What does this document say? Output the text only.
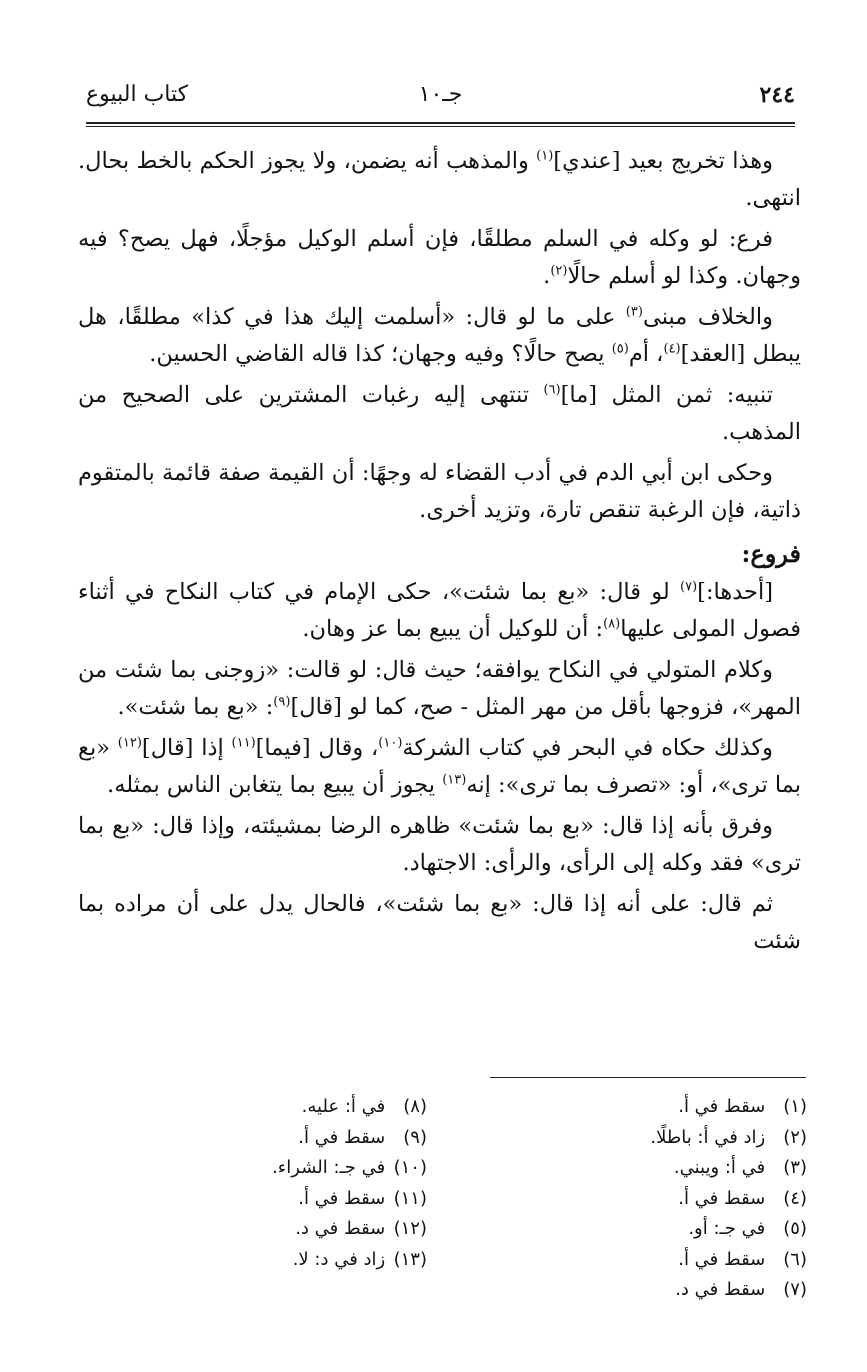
٢٤٤
جـ١٠
كتاب البيوع

وهذا تخريج بعيد [عندي]$^{(١)}$ والمذهب أنه يضمن، ولا يجوز الحكم بالخط بحال. انتهى.

فرع: لو وكله في السلم مطلقًا، فإن أسلم الوكيل مؤجلًا، فهل يصح؟ فيه وجهان. وكذا لو أسلم حالًا$^{(٢)}$.

والخلاف مبنى$^{(٣)}$ على ما لو قال: «أسلمت إليك هذا في كذا» مطلقًا، هل يبطل [العقد]$^{(٤)}$، أم$^{(٥)}$ يصح حالًا؟ وفيه وجهان؛ كذا قاله القاضي الحسين.

تنبيه: ثمن المثل [ما]$^{(٦)}$ تنتهى إليه رغبات المشترين على الصحيح من المذهب.

وحكى ابن أبي الدم في أدب القضاء له وجهًا: أن القيمة صفة قائمة بالمتقوم ذاتية، فإن الرغبة تنقص تارة، وتزيد أخرى.

فروع:

[أحدها:]$^{(٧)}$ لو قال: «بع بما شئت»، حكى الإمام في كتاب النكاح في أثناء فصول المولى عليها$^{(٨)}$: أن للوكيل أن يبيع بما عز وهان.

وكلام المتولي في النكاح يوافقه؛ حيث قال: لو قالت: «زوجنى بما شئت من المهر»، فزوجها بأقل من مهر المثل - صح، كما لو [قال]$^{(٩)}$: «بع بما شئت».

وكذلك حكاه في البحر في كتاب الشركة$^{(١٠)}$، وقال [فيما]$^{(١١)}$ إذا [قال]$^{(١٢)}$ «بع بما ترى»، أو: «تصرف بما ترى»: إنه$^{(١٣)}$ يجوز أن يبيع بما يتغابن الناس بمثله.

وفرق بأنه إذا قال: «بع بما شئت» ظاهره الرضا بمشيئته، وإذا قال: «بع بما ترى» فقد وكله إلى الرأى، والرأى: الاجتهاد.

ثم قال: على أنه إذا قال: «بع بما شئت»، فالحال يدل على أن مراده بما شئت

(١) سقط في أ.
(٢) زاد في أ: باطلًا.
(٣) في أ: ويبني.
(٤) سقط في أ.
(٥) في جـ: أو.
(٦) سقط في أ.
(٧) سقط في د.
(٨) في أ: عليه.
(٩) سقط في أ.
(١٠) في جـ: الشراء.
(١١) سقط في أ.
(١٢) سقط في د.
(١٣) زاد في د: لا.
